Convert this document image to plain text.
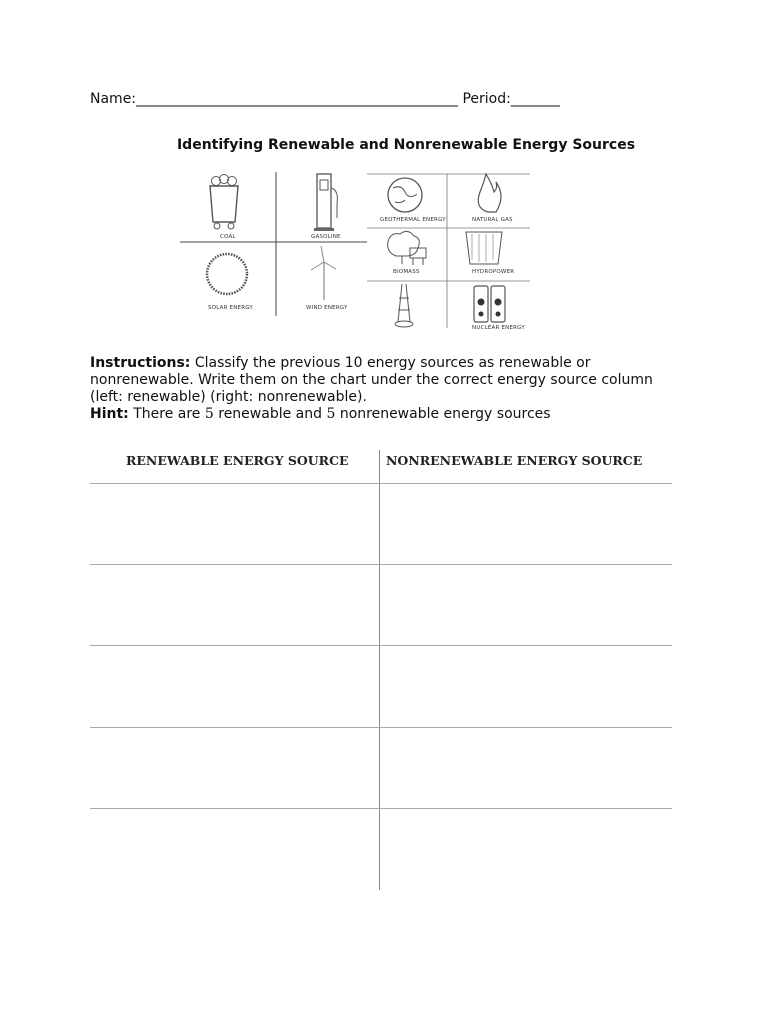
Name:______________________________________________ Period:_______
Identifying Renewable and Nonrenewable Energy Sources
COAL	GASOLINE
SOLAR ENERGY	WIND ENERGY
GEOTHERMAL ENERGY	NATURAL GAS
BIOMASS	HYDROPOWER
NUCLEAR ENERGY
Instructions: Classify the previous 10 energy sources as renewable or
nonrenewable. Write them on the chart under the correct energy source column
(left: renewable) (right: nonrenewable).
Hint: There are 5 renewable and 5 nonrenewable energy sources
RENEWABLE ENERGY SOURCE	NONRENEWABLE ENERGY SOURCE
